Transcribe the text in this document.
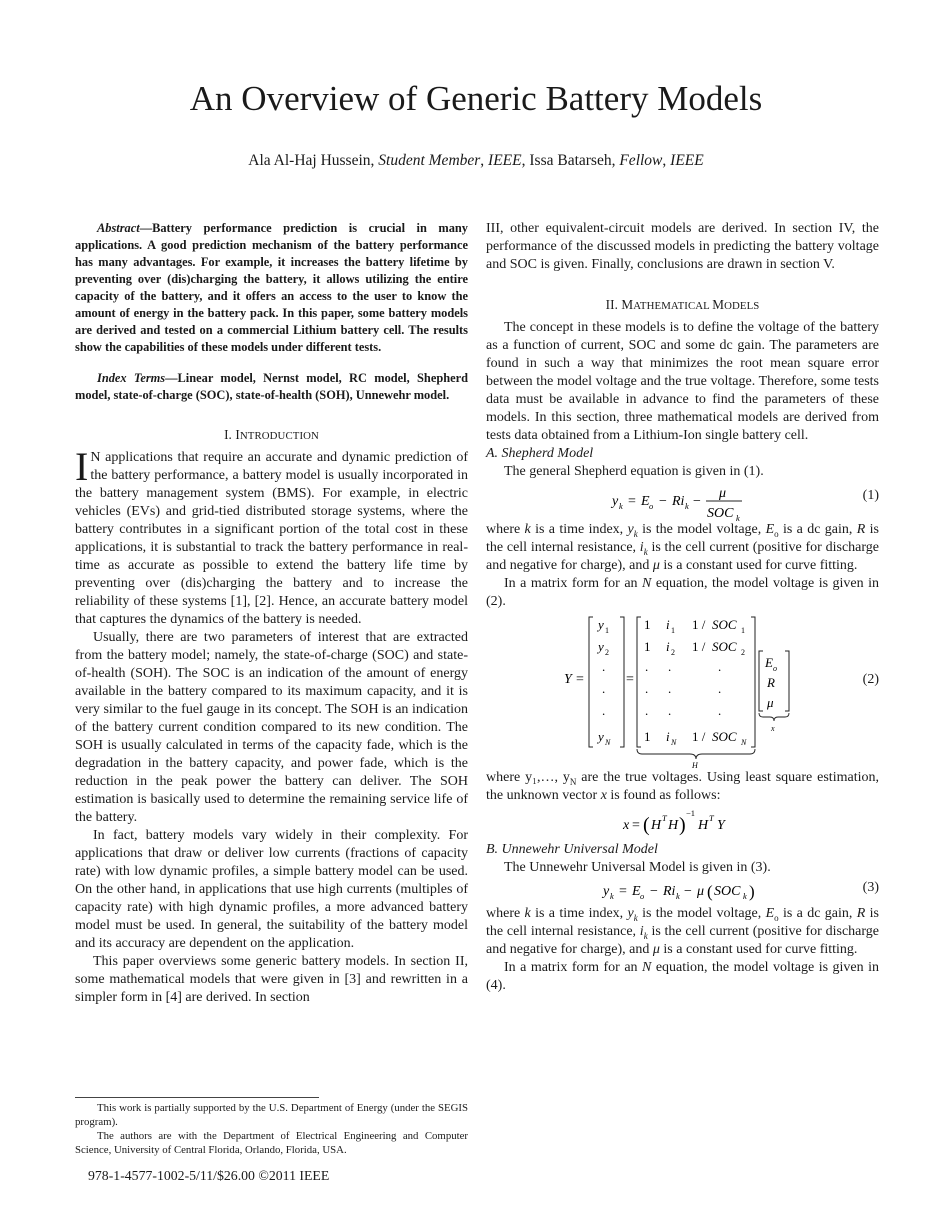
An Overview of Generic Battery Models
Ala Al-Haj Hussein, Student Member, IEEE, Issa Batarseh, Fellow, IEEE

Abstract—Battery performance prediction is crucial in many applications. A good prediction mechanism of the battery performance has many advantages. For example, it increases the battery lifetime by preventing over (dis)charging the battery, it allows utilizing the entire capacity of the battery, and it offers an access to the user to know the amount of energy in the battery pack. In this paper, some battery models are derived and tested on a commercial Lithium battery cell. The results show the capabilities of these models under different tests.

Index Terms—Linear model, Nernst model, RC model, Shepherd model, state-of-charge (SOC), state-of-health (SOH), Unnewehr model.

I. INTRODUCTION

I N applications that require an accurate and dynamic prediction of the battery performance, a battery model is usually incorporated in the battery management system (BMS). For example, in electric vehicles (EVs) and grid-tied distributed storage systems, where the battery contributes in a significant portion of the total cost in these applications, it is substantial to track the battery performance in real-time as accurate as possible to extend the battery life time by preventing over (dis)charging the battery and to increase the reliability of these systems [1], [2]. Hence, an accurate battery model that captures the dynamics of the battery is needed.

Usually, there are two parameters of interest that are extracted from the battery model; namely, the state-of-charge (SOC) and state-of-health (SOH). The SOC is an indication of the amount of energy available in the battery compared to its maximum capacity, and it is very similar to the fuel gauge in its concept. The SOH is an indication of the battery current condition compared to its new condition. The SOH is usually calculated in terms of the capacity fade, which is the degradation in the battery capacity, and power fade, which is the reduction in the peak power the battery can deliver. The SOH estimation is basically used to determine the remaining service life of the battery.

In fact, battery models vary widely in their complexity. For applications that draw or deliver low currents (fractions of capacity rate) with low dynamic profiles, a simple battery model can be used. On the other hand, in applications that use high currents (multiples of capacity rate) with high dynamic profiles, a more advanced battery model must be used. In general, the suitability of the battery model and its accuracy are dependent on the application.

This paper overviews some generic battery models. In section II, some mathematical models that were given in [3] and rewritten in a simpler form in [4] are derived. In section

This work is partially supported by the U.S. Department of Energy (under the SEGIS program).

The authors are with the Department of Electrical Engineering and Computer Science, University of Central Florida, Orlando, Florida, USA.

978-1-4577-1002-5/11/$26.00 ©2011 IEEE

III, other equivalent-circuit models are derived. In section IV, the performance of the discussed models in predicting the battery voltage and SOC is given. Finally, conclusions are drawn in section V.

II. MATHEMATICAL MODELS

The concept in these models is to define the voltage of the battery as a function of current, SOC and some dc gain. The parameters are found in such a way that minimizes the root mean square error between the model voltage and the true voltage. Therefore, some tests data must be available in advance to find the parameters of these models. In this section, three mathematical models are derived from tests data obtained from a Lithium-Ion single battery cell.

A. Shepherd Model

The general Shepherd equation is given in (1).

y k = E o − Ri k −
μ
SOC k
(1)

where k is a time index, $y_k$ is the model voltage, $E_o$ is a dc gain, R is the cell internal resistance, $i_k$ is the cell current (positive for discharge and negative for charge), and μ is a constant used for curve fitting.

In a matrix form for an N equation, the model voltage is given in (2).

Y =
y 1
y 2
.
.
.
y N
=
1 i 1 1 / SOC 1
1 i 2 1 / SOC 2
. .	.
. .	.
. .	.
1 i N 1 / SOC N
E o
R
μ
H
x
(2)

where y₁,…, $y_N$ are the true voltages. Using least square estimation, the unknown vector x is found as follows:

x = ( H T H )
−1
H T Y

B. Unnewehr Universal Model

The Unnewehr Universal Model is given in (3).

y k = E o − Ri k − μ ( SOC k )	(3)

where k is a time index, $y_k$ is the model voltage, $E_o$ is a dc gain, R is the cell internal resistance, $i_k$ is the cell current (positive for discharge and negative for charge), and μ is a constant used for curve fitting.

In a matrix form for an N equation, the model voltage is given in (4).
